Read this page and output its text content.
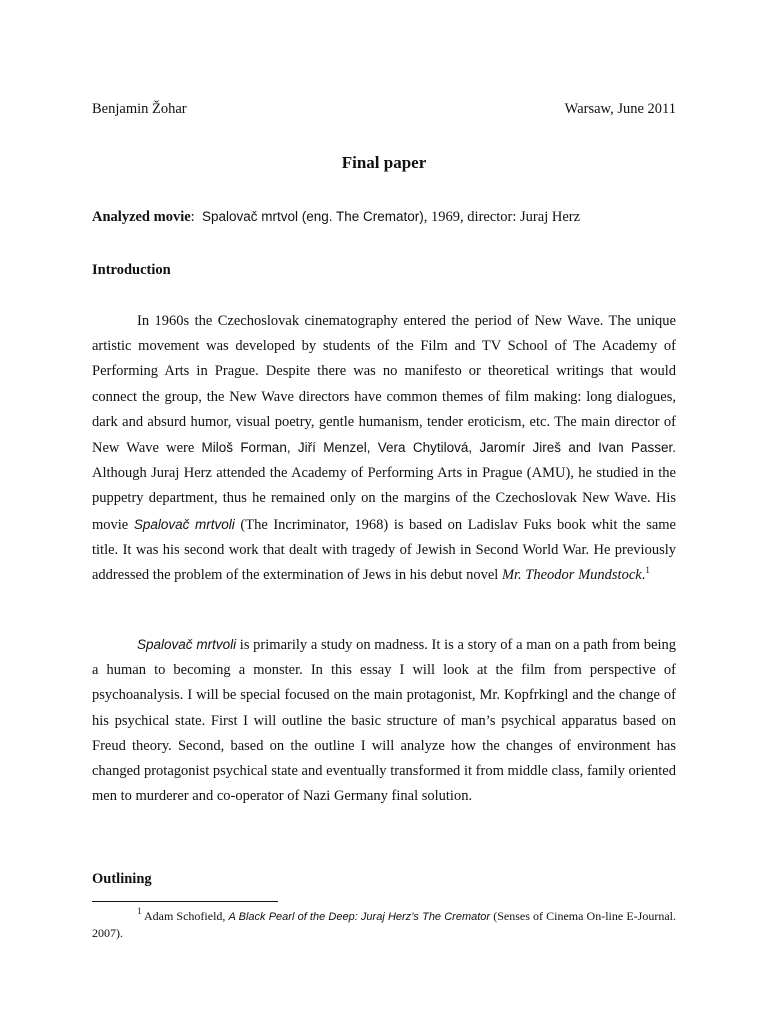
Benjamin Žohar	Warsaw, June 2011
Final paper
Analyzed movie: Spalovač mrtvol (eng. The Cremator), 1969, director: Juraj Herz
Introduction
In 1960s the Czechoslovak cinematography entered the period of New Wave. The unique artistic movement was developed by students of the Film and TV School of The Academy of Performing Arts in Prague. Despite there was no manifesto or theoretical writings that would connect the group, the New Wave directors have common themes of film making: long dialogues, dark and absurd humor, visual poetry, gentle humanism, tender eroticism, etc. The main director of New Wave were Miloš Forman, Jiří Menzel, Vera Chytilová, Jaromír Jireš and Ivan Passer. Although Juraj Herz attended the Academy of Performing Arts in Prague (AMU), he studied in the puppetry department, thus he remained only on the margins of the Czechoslovak New Wave. His movie Spalovač mrtvoli (The Incriminator, 1968) is based on Ladislav Fuks book whit the same title. It was his second work that dealt with tragedy of Jewish in Second World War. He previously addressed the problem of the extermination of Jews in his debut novel Mr. Theodor Mundstock.$^1$
Spalovač mrtvoli is primarily a study on madness. It is a story of a man on a path from being a human to becoming a monster. In this essay I will look at the film from perspective of psychoanalysis. I will be special focused on the main protagonist, Mr. Kopfrkingl and the change of his psychical state. First I will outline the basic structure of man’s psychical apparatus based on Freud theory. Second, based on the outline I will analyze how the changes of environment has changed protagonist psychical state and eventually transformed it from middle class, family oriented men to murderer and co-operator of Nazi Germany final solution.
Outlining
$^1$ Adam Schofield, A Black Pearl of the Deep: Juraj Herz’s The Cremator (Senses of Cinema On-line E-Journal. 2007).
